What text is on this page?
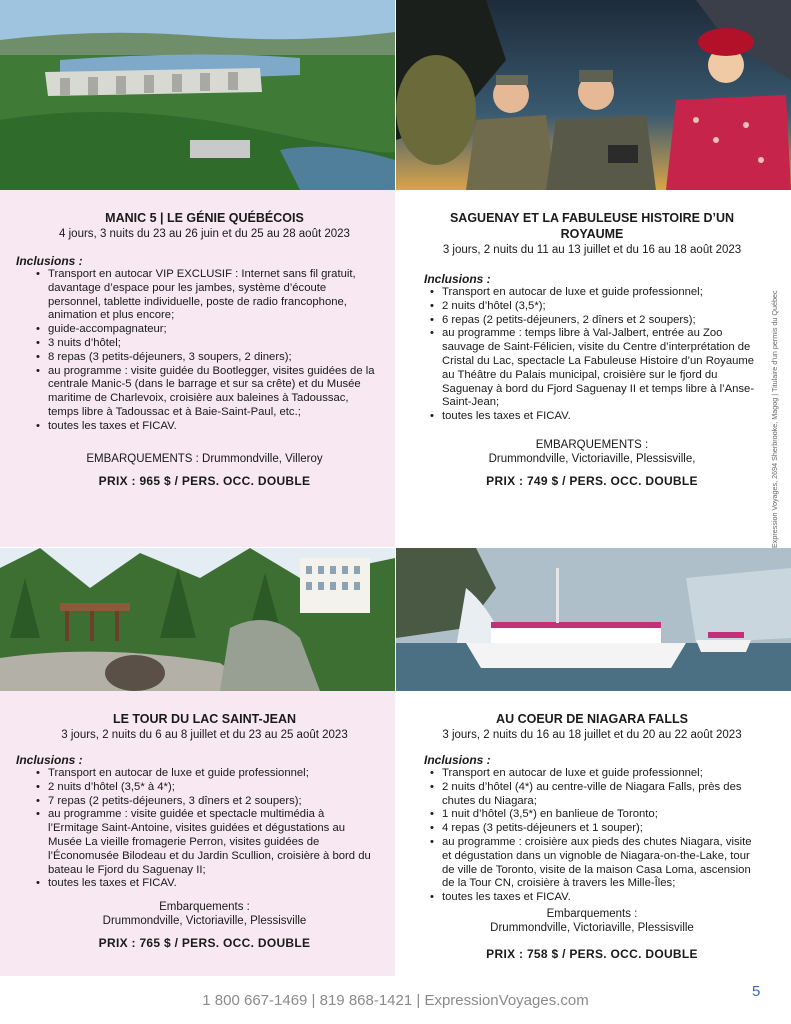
MANIC 5 | LE GÉNIE QUÉBÉCOIS
4 jours, 3 nuits du 23 au 26 juin et du 25 au 28 août 2023
Inclusions :
• Transport en autocar VIP EXCLUSIF : Internet sans fil gratuit, davantage d’espace pour les jambes, système d’écoute personnel, tablette individuelle, poste de radio francophone, animation et plus encore;
• guide-accompagnateur;
• 3 nuits d’hôtel;
• 8 repas (3 petits-déjeuners, 3 soupers, 2 diners);
• au programme : visite guidée du Bootlegger, visites guidées de la centrale Manic-5 (dans le barrage et sur sa crête) et du Musée maritime de Charlevoix, croisière aux baleines à Tadoussac, temps libre à Tadoussac et à Baie-Saint-Paul, etc.;
• toutes les taxes et FICAV.
EMBARQUEMENTS : Drummondville, Villeroy
PRIX : 965 $ / PERS. OCC. DOUBLE
SAGUENAY ET LA FABULEUSE HISTOIRE D’UN ROYAUME
3 jours, 2 nuits du 11 au 13 juillet et du 16 au 18 août 2023
Inclusions :
• Transport en autocar de luxe et guide professionnel;
• 2 nuits d’hôtel (3,5*);
• 6 repas (2 petits-déjeuners, 2 dîners et 2 soupers);
• au programme : temps libre à Val-Jalbert, entrée au Zoo sauvage de Saint-Félicien, visite du Centre d’interprétation de Cristal du Lac, spectacle La Fabuleuse Histoire d’un Royaume au Théâtre du Palais municipal, croisière sur le fjord du Saguenay à bord du Fjord Saguenay II et temps libre à l’Anse-Saint-Jean;
• toutes les taxes et FICAV.
EMBARQUEMENTS :
Drummondville, Victoriaville, Plessisville,
PRIX : 749 $ / PERS. OCC. DOUBLE
LE TOUR DU LAC SAINT-JEAN
3 jours, 2 nuits du 6 au 8 juillet et du 23 au 25 août 2023
Inclusions :
• Transport en autocar de luxe et guide professionnel;
• 2 nuits d’hôtel (3,5* à 4*);
• 7 repas (2 petits-déjeuners, 3 dîners et 2 soupers);
• au programme : visite guidée et spectacle multimédia à l’Ermitage Saint-Antoine, visites guidées et dégustations au Musée La vieille fromagerie Perron, visites guidées de l’Économusée Bilodeau et du Jardin Scullion, croisière à bord du bateau le Fjord du Saguenay II;
• toutes les taxes et FICAV.
Embarquements :
Drummondville, Victoriaville, Plessisville
PRIX : 765 $ / PERS. OCC. DOUBLE
AU COEUR DE NIAGARA FALLS
3 jours, 2 nuits du 16 au 18 juillet et du 20 au 22 août 2023
Inclusions :
• Transport en autocar de luxe et guide professionnel;
• 2 nuits d’hôtel (4*) au centre-ville de Niagara Falls, près des chutes du Niagara;
• 1 nuit d’hôtel (3,5*) en banlieue de Toronto;
• 4 repas (3 petits-déjeuners et 1 souper);
• au programme : croisière aux pieds des chutes Niagara, visite et dégustation dans un vignoble de Niagara-on-the-Lake, tour de ville de Toronto, visite de la maison Casa Loma, ascension de la Tour CN, croisière à travers les Mille-Îles;
• toutes les taxes et FICAV.
Embarquements :
Drummondville, Victoriaville, Plessisville
PRIX : 758 $ / PERS. OCC. DOUBLE
Expression Voyages, 2694 Sherbrooke, Magog | Titulaire d’un permis du Québec
1 800 667-1469 | 819 868-1421 | ExpressionVoyages.com
5
